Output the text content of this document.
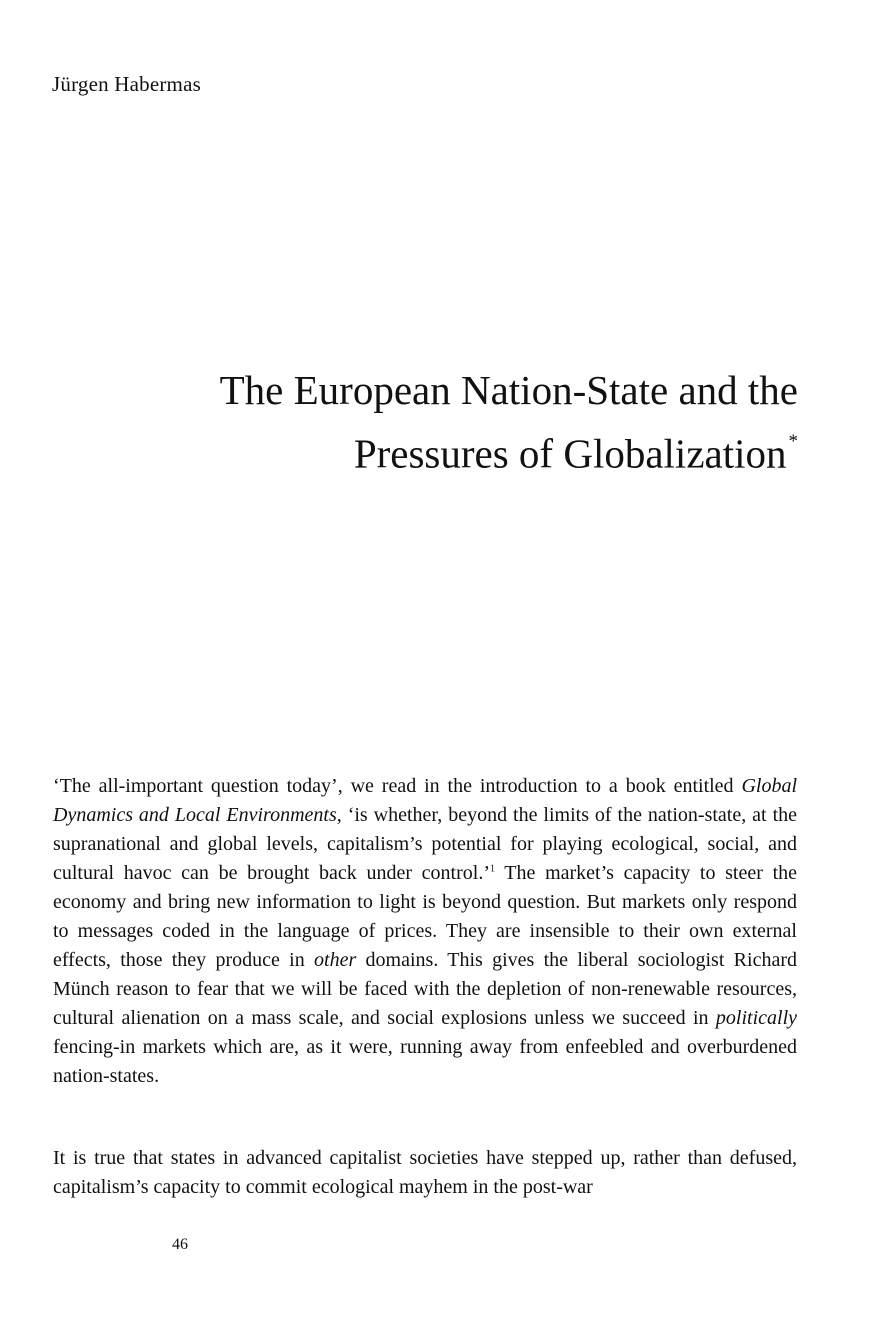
Jürgen Habermas
The European Nation-State and the
Pressures of Globalization *

‘The all-important question today’, we read in the introduction to a book entitled Global Dynamics and Local Environments, ‘is whether, beyond the limits of the nation-state, at the supranational and global levels, capitalism’s potential for playing ecological, social, and cultural havoc can be brought back under control.’$^1$ The market’s capacity to steer the economy and bring new information to light is beyond question. But markets only respond to messages coded in the language of prices. They are insensible to their own external effects, those they produce in other domains. This gives the liberal sociologist Richard Münch reason to fear that we will be faced with the depletion of non-renewable resources, cultural alienation on a mass scale, and social explosions unless we succeed in politically fencing-in markets which are, as it were, running away from enfeebled and overburdened nation-states.

It is true that states in advanced capitalist societies have stepped up, rather than defused, capitalism’s capacity to commit ecological mayhem in the post-war

46
